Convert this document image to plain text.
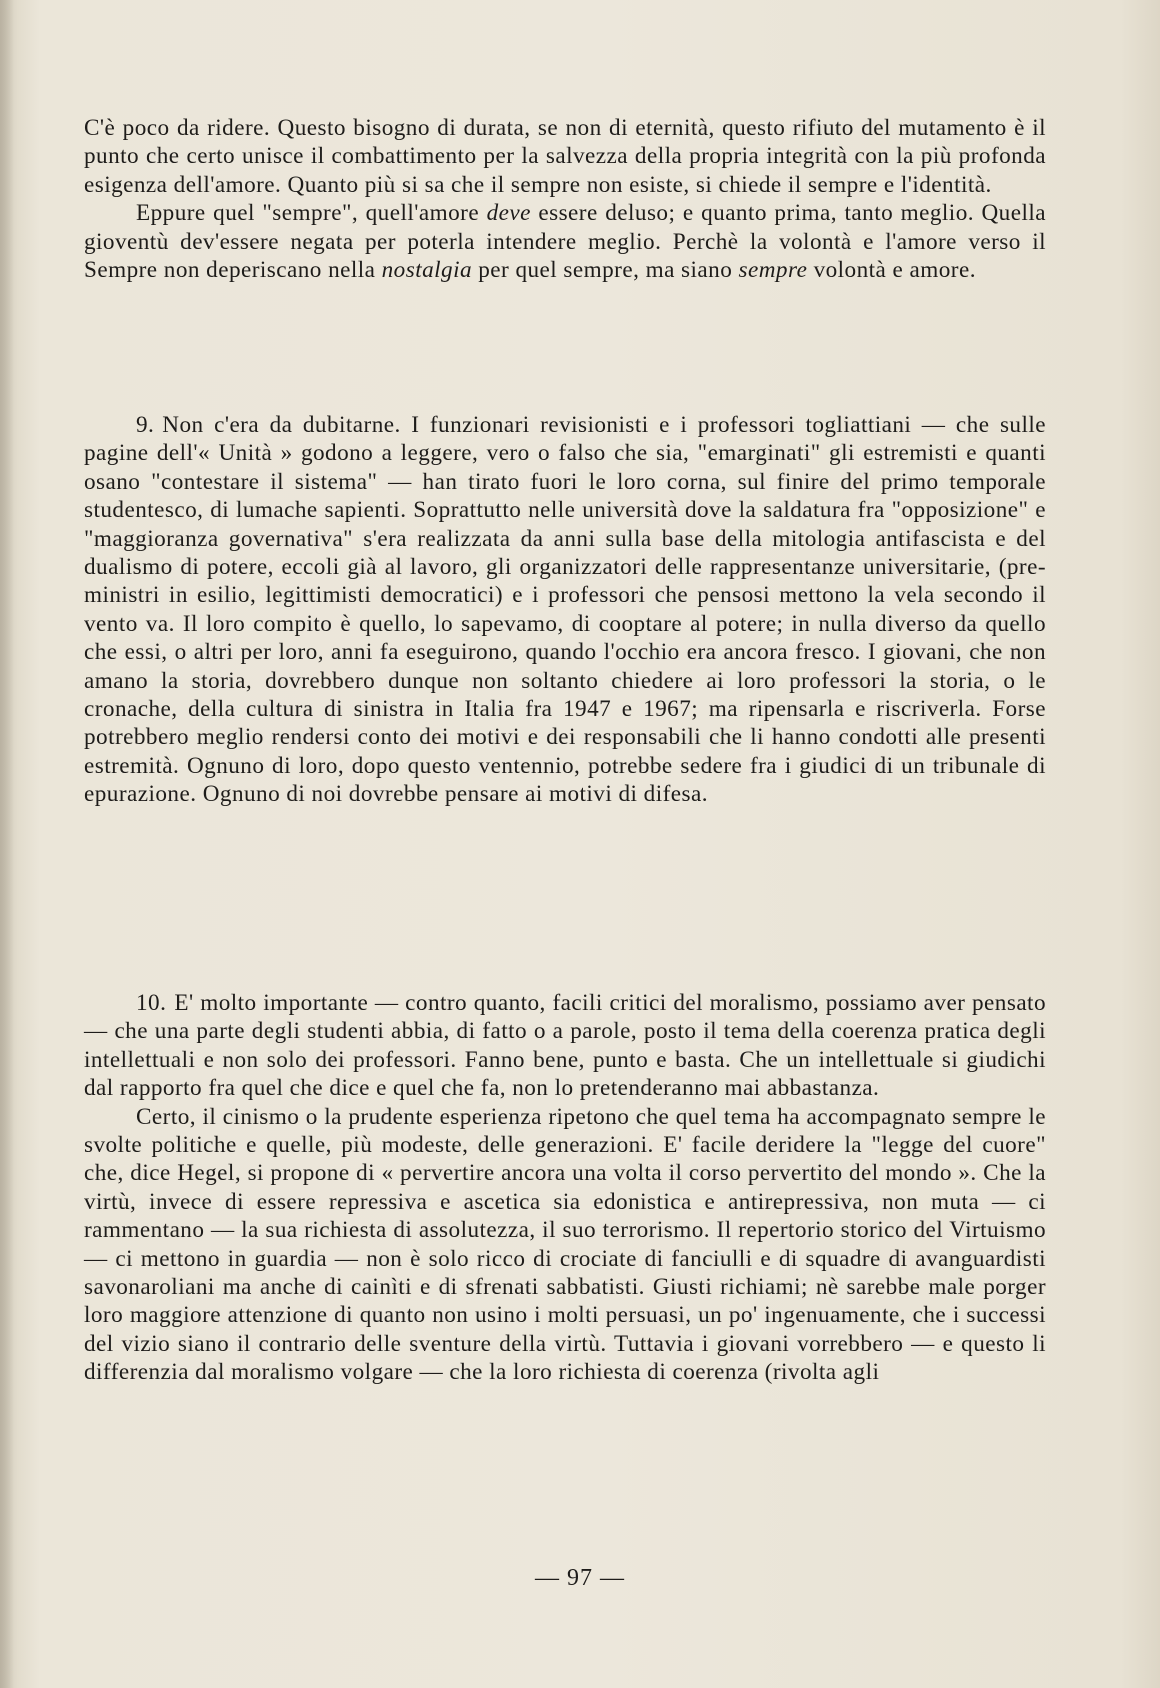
C'è poco da ridere. Questo bisogno di durata, se non di eternità, questo rifiuto del mutamento è il punto che certo unisce il combattimento per la salvezza della propria integrità con la più profonda esigenza dell'amore. Quanto più si sa che il sempre non esiste, si chiede il sempre e l'identità.

Eppure quel "sempre", quell'amore deve essere deluso; e quanto prima, tanto meglio. Quella gioventù dev'essere negata per poterla intendere meglio. Perchè la volontà e l'amore verso il Sempre non deperiscano nella nostalgia per quel sempre, ma siano sempre volontà e amore.

9. Non c'era da dubitarne. I funzionari revisionisti e i professori togliattiani — che sulle pagine dell'« Unità » godono a leggere, vero o falso che sia, "emarginati" gli estremisti e quanti osano "contestare il sistema" — han tirato fuori le loro corna, sul finire del primo temporale studentesco, di lumache sapienti. Soprattutto nelle università dove la saldatura fra "opposizione" e "maggioranza governativa" s'era realizzata da anni sulla base della mitologia antifascista e del dualismo di potere, eccoli già al lavoro, gli organizzatori delle rappresentanze universitarie, (pre-ministri in esilio, legittimisti democratici) e i professori che pensosi mettono la vela secondo il vento va. Il loro compito è quello, lo sapevamo, di cooptare al potere; in nulla diverso da quello che essi, o altri per loro, anni fa eseguirono, quando l'occhio era ancora fresco. I giovani, che non amano la storia, dovrebbero dunque non soltanto chiedere ai loro professori la storia, o le cronache, della cultura di sinistra in Italia fra 1947 e 1967; ma ripensarla e riscriverla. Forse potrebbero meglio rendersi conto dei motivi e dei responsabili che li hanno condotti alle presenti estremità. Ognuno di loro, dopo questo ventennio, potrebbe sedere fra i giudici di un tribunale di epurazione. Ognuno di noi dovrebbe pensare ai motivi di difesa.

10. E' molto importante — contro quanto, facili critici del moralismo, possiamo aver pensato — che una parte degli studenti abbia, di fatto o a parole, posto il tema della coerenza pratica degli intellettuali e non solo dei professori. Fanno bene, punto e basta. Che un intellettuale si giudichi dal rapporto fra quel che dice e quel che fa, non lo pretenderanno mai abbastanza.

Certo, il cinismo o la prudente esperienza ripetono che quel tema ha accompagnato sempre le svolte politiche e quelle, più modeste, delle generazioni. E' facile deridere la "legge del cuore" che, dice Hegel, si propone di « pervertire ancora una volta il corso pervertito del mondo ». Che la virtù, invece di essere repressiva e ascetica sia edonistica e antirepressiva, non muta — ci rammentano — la sua richiesta di assolutezza, il suo terrorismo. Il repertorio storico del Virtuismo — ci mettono in guardia — non è solo ricco di crociate di fanciulli e di squadre di avanguardisti savonaroliani ma anche di cainìti e di sfrenati sabbatisti. Giusti richiami; nè sarebbe male porger loro maggiore attenzione di quanto non usino i molti persuasi, un po' ingenuamente, che i successi del vizio siano il contrario delle sventure della virtù. Tuttavia i giovani vorrebbero — e questo li differenzia dal moralismo volgare — che la loro richiesta di coerenza (rivolta agli

— 97 —
